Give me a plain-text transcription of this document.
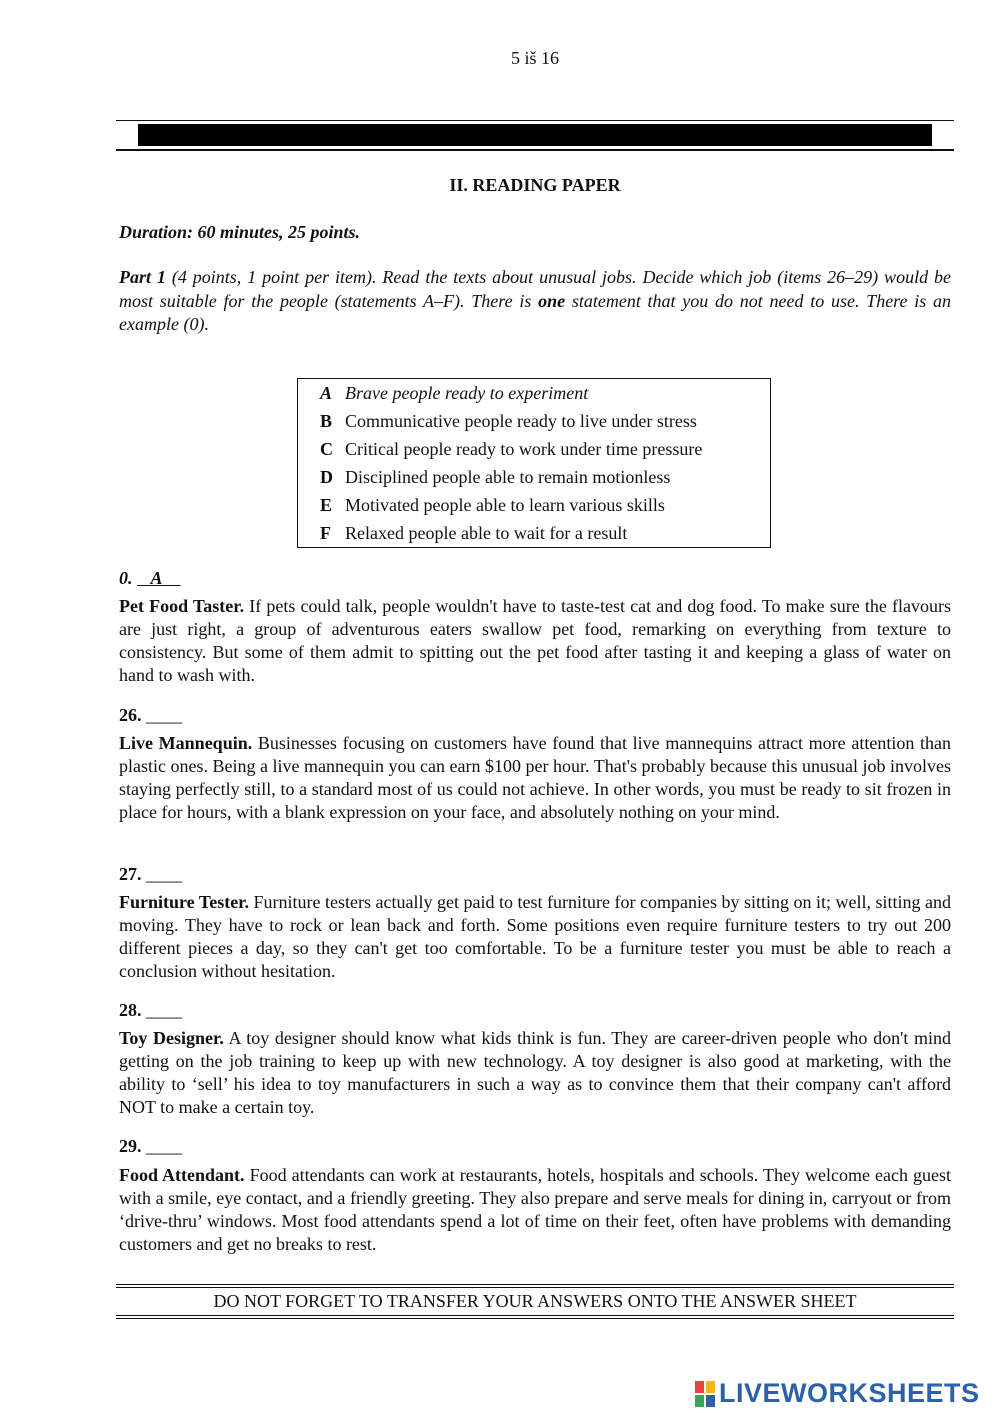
5 iš 16
II. READING PAPER
Duration: 60 minutes, 25 points.
Part 1 (4 points, 1 point per item). Read the texts about unusual jobs. Decide which job (items 26–29) would be most suitable for the people (statements A–F). There is one statement that you do not need to use. There is an example (0).
A Brave people ready to experiment
B Communicative people ready to live under stress
C Critical people ready to work under time pressure
D Disciplined people able to remain motionless
E Motivated people able to learn various skills
F Relaxed people able to wait for a result
0. A
Pet Food Taster. If pets could talk, people wouldn't have to taste-test cat and dog food. To make sure the flavours are just right, a group of adventurous eaters swallow pet food, remarking on everything from texture to consistency. But some of them admit to spitting out the pet food after tasting it and keeping a glass of water on hand to wash with.
26. ____
Live Mannequin. Businesses focusing on customers have found that live mannequins attract more attention than plastic ones. Being a live mannequin you can earn $100 per hour. That's probably because this unusual job involves staying perfectly still, to a standard most of us could not achieve. In other words, you must be ready to sit frozen in place for hours, with a blank expression on your face, and absolutely nothing on your mind.
27. ____
Furniture Tester. Furniture testers actually get paid to test furniture for companies by sitting on it; well, sitting and moving. They have to rock or lean back and forth. Some positions even require furniture testers to try out 200 different pieces a day, so they can't get too comfortable. To be a furniture tester you must be able to reach a conclusion without hesitation.
28. ____
Toy Designer. A toy designer should know what kids think is fun. They are career-driven people who don't mind getting on the job training to keep up with new technology. A toy designer is also good at marketing, with the ability to ‘sell’ his idea to toy manufacturers in such a way as to convince them that their company can't afford NOT to make a certain toy.
29. ____
Food Attendant. Food attendants can work at restaurants, hotels, hospitals and schools. They welcome each guest with a smile, eye contact, and a friendly greeting. They also prepare and serve meals for dining in, carryout or from ‘drive-thru’ windows. Most food attendants spend a lot of time on their feet, often have problems with demanding customers and get no breaks to rest.
DO NOT FORGET TO TRANSFER YOUR ANSWERS ONTO THE ANSWER SHEET
LIVEWORKSHEETS
